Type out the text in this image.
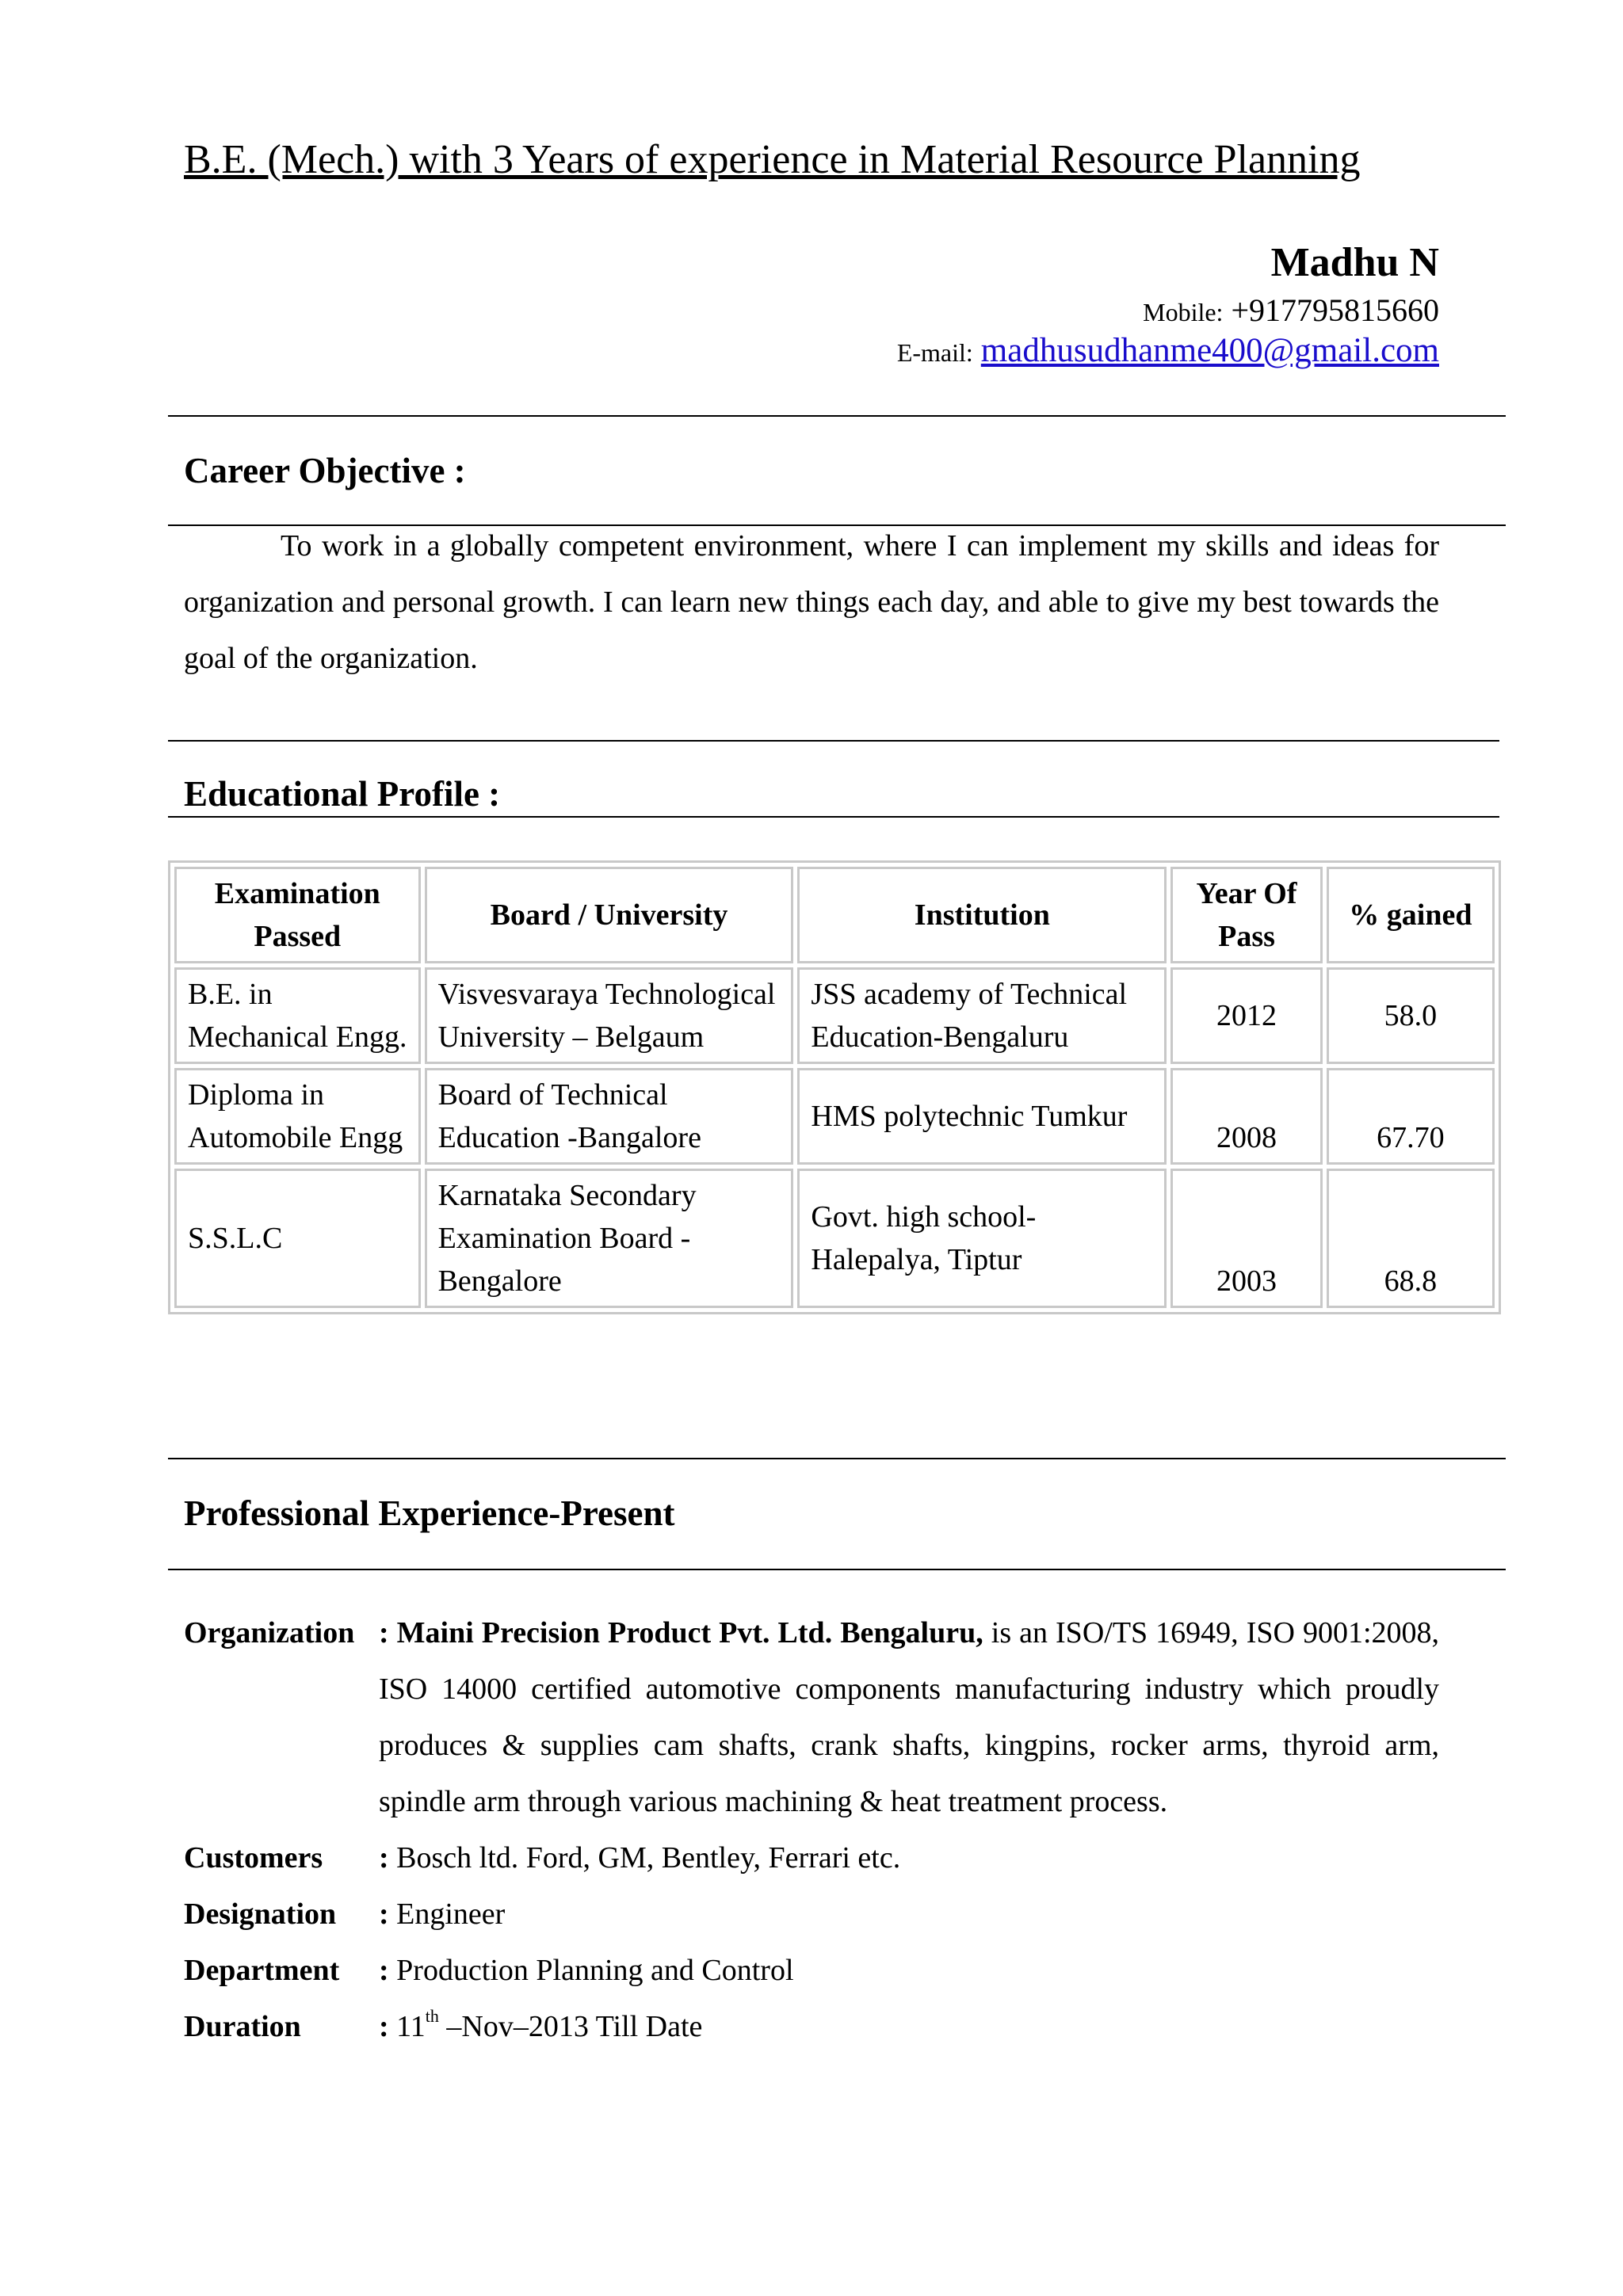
B.E. (Mech.) with 3 Years of experience in Material Resource Planning
Madhu N
Mobile: +917795815660
E-mail: madhusudhanme400@gmail.com
Career Objective :
To work in a globally competent environment, where I can implement my skills and ideas for organization and personal growth. I can learn new things each day, and able to give my best towards the goal of the organization.
Educational Profile :
Examination Passed	Board / University	Institution	Year Of Pass	% gained
B.E. in Mechanical Engg.	Visvesvaraya Technological University – Belgaum	JSS academy of Technical Education-Bengaluru	2012	58.0
Diploma in Automobile Engg	Board of Technical Education -Bangalore	HMS polytechnic Tumkur	2008	67.70
S.S.L.C	Karnataka Secondary Examination Board - Bengalore	Govt. high school-Halepalya, Tiptur	2003	68.8
Professional Experience-Present
Organization : Maini Precision Product Pvt. Ltd. Bengaluru, is an ISO/TS 16949, ISO 9001:2008, ISO 14000 certified automotive components manufacturing industry which proudly produces & supplies cam shafts, crank shafts, kingpins, rocker arms, thyroid arm, spindle arm through various machining & heat treatment process.
Customers	: Bosch ltd. Ford, GM, Bentley, Ferrari etc.
Designation	: Engineer
Department	: Production Planning and Control
Duration	: 11th –Nov–2013 Till Date
